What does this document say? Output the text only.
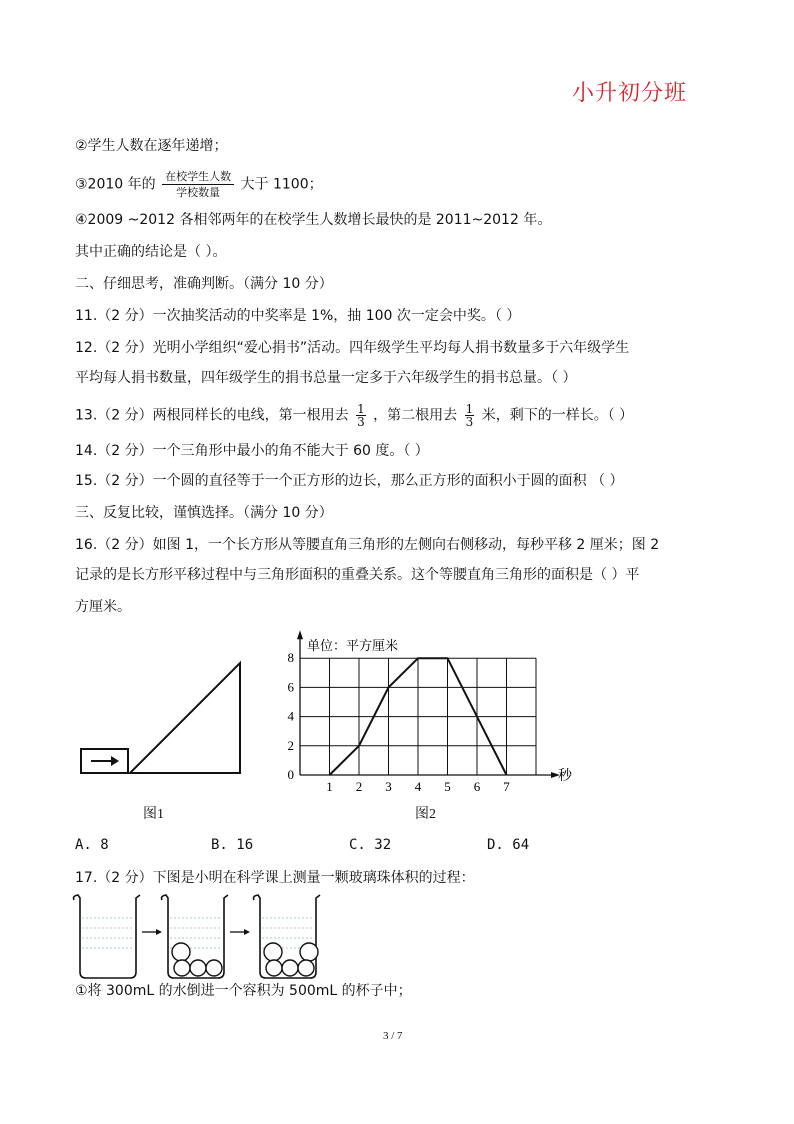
小升初分班
②学生人数在逐年递增；
③2010 年的 $\frac{\text{在校学生人数}}{\text{学校数量}}$ 大于 1100；
④2009 ~2012 各相邻两年的在校学生人数增长最快的是 2011~2012 年。
其中正确的结论是（ ）。
二、仔细思考，准确判断。（满分 10 分）
11.（2 分）一次抽奖活动的中奖率是 1%，抽 100 次一定会中奖。（ ）
12.（2 分）光明小学组织“爱心捐书”活动。四年级学生平均每人捐书数量多于六年级学生
平均每人捐书数量，四年级学生的捐书总量一定多于六年级学生的捐书总量。（ ）
13.（2 分）两根同样长的电线，第一根用去 $\frac{1}{3}$ ，第二根用去 $\frac{1}{3}$ 米，剩下的一样长。（ ）
14.（2 分）一个三角形中最小的角不能大于 60 度。（ ）
15.（2 分）一个圆的直径等于一个正方形的边长，那么正方形的面积小于圆的面积 （ ）
三、反复比较，谨慎选择。（满分 10 分）
16.（2 分）如图 1，一个长方形从等腰直角三角形的左侧向右侧移动，每秒平移 2 厘米；图 2
记录的是长方形平移过程中与三角形面积的重叠关系。这个等腰直角三角形的面积是（ ）平
方厘米。
图1
1 2 3 4 5 6 7
0
2
4
6
8
单位：平方厘米
秒
图2
A. 8	B. 16	C. 32	D. 64
17.（2 分）下图是小明在科学课上测量一颗玻璃珠体积的过程：
①将 300mL 的水倒进一个容积为 500mL 的杯子中；
3 / 7
